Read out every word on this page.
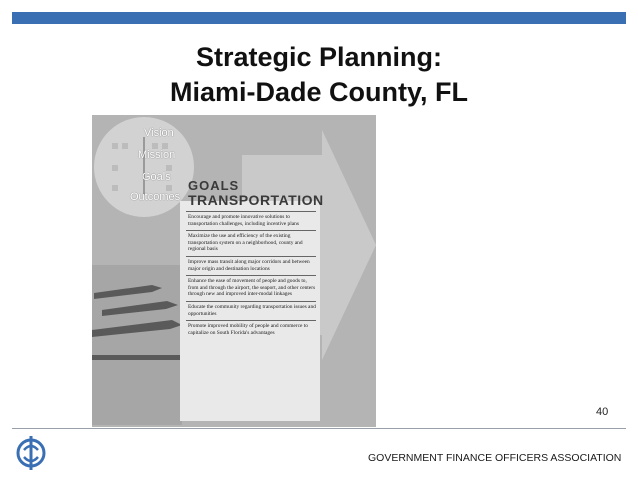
Strategic Planning:
Miami-Dade County, FL
Vision
Mission
Goals
Outcomes
GOALS
TRANSPORTATION
Encourage and promote innovative solutions to transportation challenges, including incentive plans
Maximize the use and efficiency of the existing transportation system on a neighborhood, county and regional basis
Improve mass transit along major corridors and between major origin and destination locations
Enhance the ease of movement of people and goods to, from and through the airport, the seaport, and other centers through new and improved inter-modal linkages
Educate the community regarding transportation issues and opportunities
Promote improved mobility of people and commerce to capitalize on South Florida's advantages
40
GOVERNMENT FINANCE OFFICERS ASSOCIATION
